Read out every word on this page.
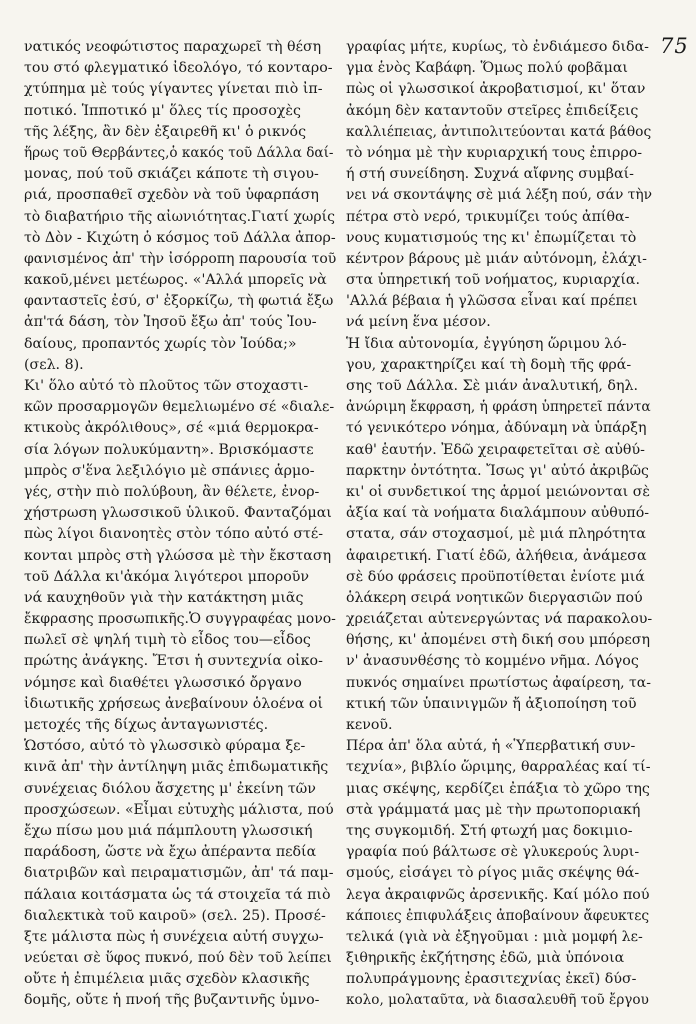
75
νατικός νεοφώτιστος παραχωρεῖ τὴ θέση
του στό φλεγματικό ἰδεολόγο, τό κονταρο-
χτύπημα μὲ τούς γίγαντες γίνεται πιὸ ἰπ-
ποτικό. Ἱπποτικό μ' ὅλες τίς προσοχὲς
τῆς λέξης, ἂν δὲν ἐξαιρεθῆ κι' ὁ ρικνός
ἥρως τοῦ Θερβάντες,ὁ κακός τοῦ Δάλλα δαί-
μονας, πού τοῦ σκιάζει κάποτε τὴ σιγου-
ριά, προσπαθεῖ σχεδὸν νὰ τοῦ ὑφαρπάση
τὸ διαβατήριο τῆς αἰωνιότητας.Γιατί χωρίς
τὸ Δὸν - Κιχώτη ὁ κόσμος τοῦ Δάλλα ἀπορ-
φανισμένος ἀπ' τὴν ἰσόρροπη παρουσία τοῦ
κακοῦ,μένει μετέωρος. «'Αλλά μπορεῖς νὰ
φανταστεῖς ἐσύ, σ' ἐξορκίζω, τὴ φωτιά ἔξω
ἀπ'τά δάση, τὸν Ἰησοῦ ἔξω ἀπ' τούς Ἰου-
δαίους, προπαντός χωρίς τὸν Ἰούδα;»
(σελ. 8).
Κι' ὅλο αὐτό τὸ πλοῦτος τῶν στοχαστι-
κῶν προσαρμογῶν θεμελιωμένο σέ «διαλε-
κτικοὺς ἀκρόλιθους», σέ «μιά θερμοκρα-
σία λόγων πολυκύμαντη». Βρισκόμαστε
μπρὸς σ'ἕνα λεξιλόγιο μὲ σπάνιες ἁρμο-
γές, στὴν πιὸ πολύβουη, ἂν θέλετε, ἐνορ-
χήστρωση γλωσσικοῦ ὑλικοῦ. Φανταζόμαι
πὼς λίγοι διανοητὲς στὸν τόπο αὐτό στέ-
κονται μπρὸς στὴ γλώσσα μὲ τὴν ἔκσταση
τοῦ Δάλλα κι'ἀκόμα λιγότεροι μποροῦν
νά καυχηθοῦν γιὰ τὴν κατάκτηση μιᾶς
ἔκφρασης προσωπικῆς.Ὁ συγγραφέας μονο-
πωλεῖ σὲ ψηλή τιμὴ τὸ εἶδος του—εἶδος
πρώτης ἀνάγκης. Ἔτσι ἡ συντεχνία οἰκο-
νόμησε καὶ διαθέτει γλωσσικό ὄργανο
ἰδιωτικῆς χρήσεως ἀνεβαίνουν ὁλοένα οἱ
μετοχές τῆς δίχως ἀνταγωνιστές.
Ὡστόσο, αὐτό τὸ γλωσσικὸ φύραμα ξε-
κινᾶ ἀπ' τὴν ἀντίληψη μιᾶς ἐπιδωματικῆς
συνέχειας διόλου ἄσχετης μ' ἐκείνη τῶν
προσχώσεων. «Εἶμαι εὐτυχὴς μάλιστα, πού
ἔχω πίσω μου μιά πάμπλουτη γλωσσική
παράδοση, ὥστε νὰ ἔχω ἀπέραντα πεδία
διατριβῶν καὶ πειραματισμῶν, ἀπ' τά παμ-
πάλαια κοιτάσματα ὡς τά στοιχεῖα τά πιὸ
διαλεκτικὰ τοῦ καιροῦ» (σελ. 25). Προσέ-
ξτε μάλιστα πὼς ἡ συνέχεια αὐτή συγχω-
νεύεται σὲ ὕφος πυκνό, πού δὲν τοῦ λείπει
οὔτε ἡ ἐπιμέλεια μιᾶς σχεδὸν κλασικῆς
δομῆς, οὔτε ἡ πνοή τῆς βυζαντινῆς ὑμνο-
γραφίας μήτε, κυρίως, τὸ ἐνδιάμεσο διδα-
γμα ἑνὸς Καβάφη. Ὅμως πολύ φοβᾶμαι
πὼς οἱ γλωσσικοί ἀκροβατισμοί, κι' ὅταν
ἀκόμη δὲν καταντοῦν στεῖρες ἐπιδείξεις
καλλιέπειας, ἀντιπολιτεύονται κατά βάθος
τὸ νόημα μὲ τὴν κυριαρχική τους ἐπιρρο-
ή στή συνείδηση. Συχνά αἴφνης συμβαί-
νει νά σκοντάψης σὲ μιά λέξη πού, σάν τὴν
πέτρα στὸ νερό, τρικυμίζει τούς ἀπίθα-
νους κυματισμούς της κι' ἐπωμίζεται τὸ
κέντρον βάρους μὲ μιάν αὐτόνομη, ἐλάχι-
στα ὑπηρετική τοῦ νοήματος, κυριαρχία.
'Αλλά βέβαια ἡ γλῶσσα εἶναι καί πρέπει
νά μείνη ἕνα μέσον.
Ἡ ἴδια αὐτονομία, ἐγγύηση ὥριμου λό-
γου, χαρακτηρίζει καί τὴ δομὴ τῆς φρά-
σης τοῦ Δάλλα. Σὲ μιάν ἀναλυτική, δηλ.
ἀνώριμη ἔκφραση, ἡ φράση ὑπηρετεῖ πάντα
τό γενικότερο νόημα, ἀδύναμη νὰ ὑπάρξη
καθ' ἑαυτήν. Ἐδῶ χειραφετεῖται σὲ αὐθύ-
παρκτην ὀντότητα. Ἴσως γι' αὐτό ἀκριβῶς
κι' οἱ συνδετικοί της ἁρμοί μειώνονται σὲ
ἀξία καί τὰ νοήματα διαλάμπουν αὐθυπό-
στατα, σάν στοχασμοί, μὲ μιά πληρότητα
ἀφαιρετική. Γιατί ἐδῶ, ἀλήθεια, ἀνάμεσα
σὲ δύο φράσεις προϋποτίθεται ἐνίοτε μιά
ὁλάκερη σειρά νοητικῶν διεργασιῶν πού
χρειάζεται αὐτενεργώντας νά παρακολου-
θήσης, κι' ἀπομένει στὴ δική σου μπόρεση
ν' ἀνασυνθέσης τὸ κομμένο νῆμα. Λόγος
πυκνός σημαίνει πρωτίστως ἀφαίρεση, τα-
κτική τῶν ὑπαινιγμῶν ἤ ἀξιοποίηση τοῦ
κενοῦ.
Πέρα ἀπ' ὅλα αὐτά, ἡ «Ὑπερβατική συν-
τεχνία», βιβλίο ὥριμης, θαρραλέας καί τί-
μιας σκέψης, κερδίζει ἐπάξια τὸ χῶρο της
στὰ γράμματά μας μὲ τὴν πρωτοποριακή
της συγκομιδή. Στή φτωχή μας δοκιμιο-
γραφία πού βάλτωσε σὲ γλυκερούς λυρι-
σμούς, εἰσάγει τὸ ρίγος μιᾶς σκέψης θά-
λεγα ἀκραιφνῶς ἀρσενικῆς. Καί μόλο πού
κάποιες ἐπιφυλάξεις ἀποβαίνουν ἄφευκτες
τελικά (γιὰ νὰ ἐξηγοῦμαι : μιὰ μομφή λε-
ξιθηρικῆς ἐκζήτησης ἐδῶ, μιὰ ὑπόνοια
πολυπράγμονης ἐρασιτεχνίας ἐκεῖ) δύσ-
κολο, μολαταῦτα, νὰ διασαλευθῆ τοῦ ἔργου
